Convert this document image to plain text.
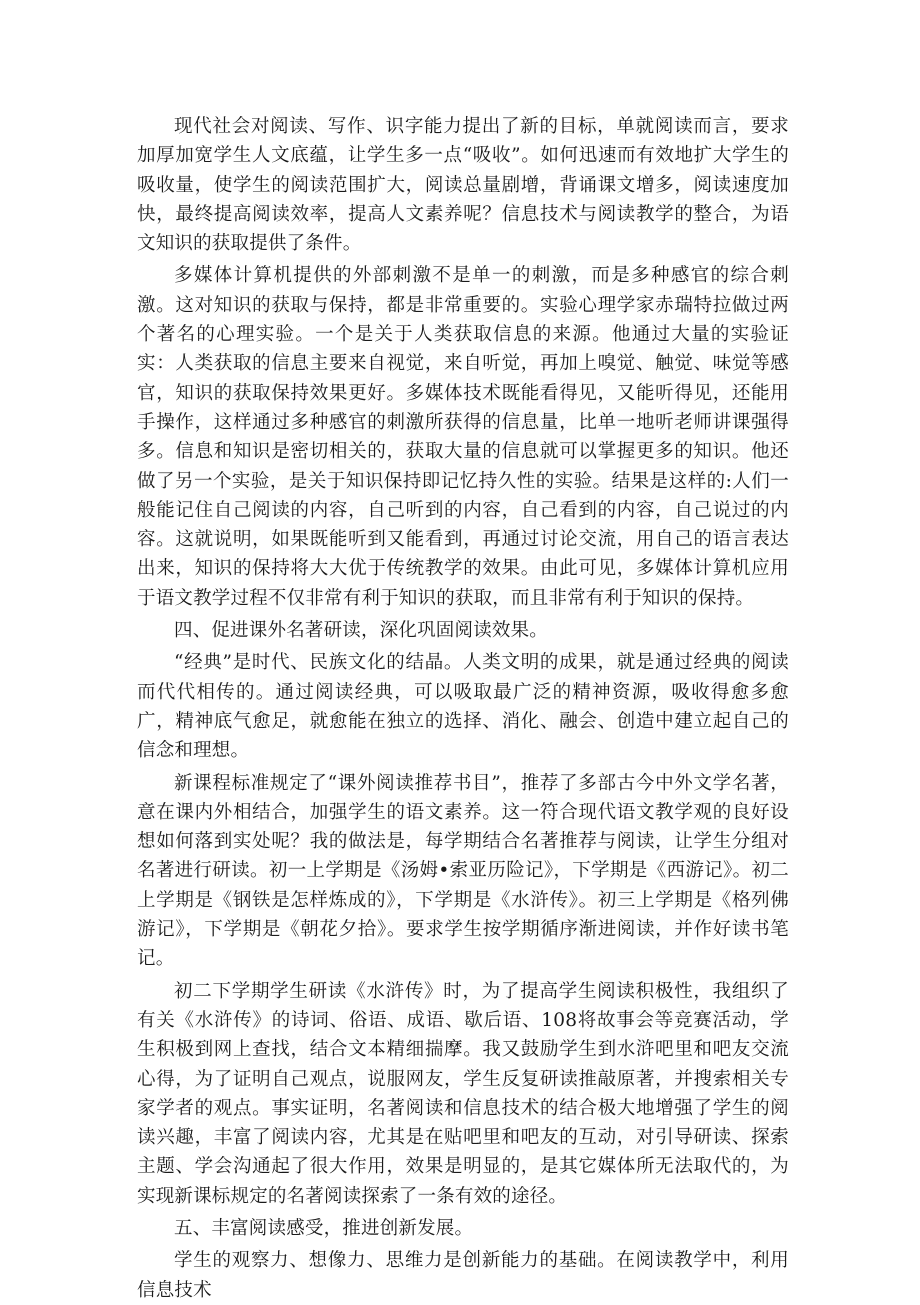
现代社会对阅读、写作、识字能力提出了新的目标，单就阅读而言，要求加厚加宽学生人文底蕴，让学生多一点“吸收”。如何迅速而有效地扩大学生的吸收量，使学生的阅读范围扩大，阅读总量剧增，背诵课文增多，阅读速度加快，最终提高阅读效率，提高人文素养呢？信息技术与阅读教学的整合，为语文知识的获取提供了条件。

多媒体计算机提供的外部刺激不是单一的刺激，而是多种感官的综合刺激。这对知识的获取与保持，都是非常重要的。实验心理学家赤瑞特拉做过两个著名的心理实验。一个是关于人类获取信息的来源。他通过大量的实验证实：人类获取的信息主要来自视觉，来自听觉，再加上嗅觉、触觉、味觉等感官，知识的获取保持效果更好。多媒体技术既能看得见，又能听得见，还能用手操作，这样通过多种感官的刺激所获得的信息量，比单一地听老师讲课强得多。信息和知识是密切相关的，获取大量的信息就可以掌握更多的知识。他还做了另一个实验，是关于知识保持即记忆持久性的实验。结果是这样的:人们一般能记住自己阅读的内容，自己听到的内容，自己看到的内容，自己说过的内容。这就说明，如果既能听到又能看到，再通过讨论交流，用自己的语言表达出来，知识的保持将大大优于传统教学的效果。由此可见，多媒体计算机应用于语文教学过程不仅非常有利于知识的获取，而且非常有利于知识的保持。

四、促进课外名著研读，深化巩固阅读效果。

“经典”是时代、民族文化的结晶。人类文明的成果，就是通过经典的阅读而代代相传的。通过阅读经典，可以吸取最广泛的精神资源，吸收得愈多愈广，精神底气愈足，就愈能在独立的选择、消化、融会、创造中建立起自己的信念和理想。

新课程标准规定了“课外阅读推荐书目”，推荐了多部古今中外文学名著，意在课内外相结合，加强学生的语文素养。这一符合现代语文教学观的良好设想如何落到实处呢？我的做法是，每学期结合名著推荐与阅读，让学生分组对名著进行研读。初一上学期是《汤姆•索亚历险记》，下学期是《西游记》。初二上学期是《钢铁是怎样炼成的》，下学期是《水浒传》。初三上学期是《格列佛游记》，下学期是《朝花夕拾》。要求学生按学期循序渐进阅读，并作好读书笔记。

初二下学期学生研读《水浒传》时，为了提高学生阅读积极性，我组织了有关《水浒传》的诗词、俗语、成语、歇后语、108将故事会等竞赛活动，学生积极到网上查找，结合文本精细揣摩。我又鼓励学生到水浒吧里和吧友交流心得，为了证明自己观点，说服网友，学生反复研读推敲原著，并搜索相关专家学者的观点。事实证明，名著阅读和信息技术的结合极大地增强了学生的阅读兴趣，丰富了阅读内容，尤其是在贴吧里和吧友的互动，对引导研读、探索主题、学会沟通起了很大作用，效果是明显的，是其它媒体所无法取代的，为实现新课标规定的名著阅读探索了一条有效的途径。

五、丰富阅读感受，推进创新发展。

学生的观察力、想像力、思维力是创新能力的基础。在阅读教学中，利用信息技术
